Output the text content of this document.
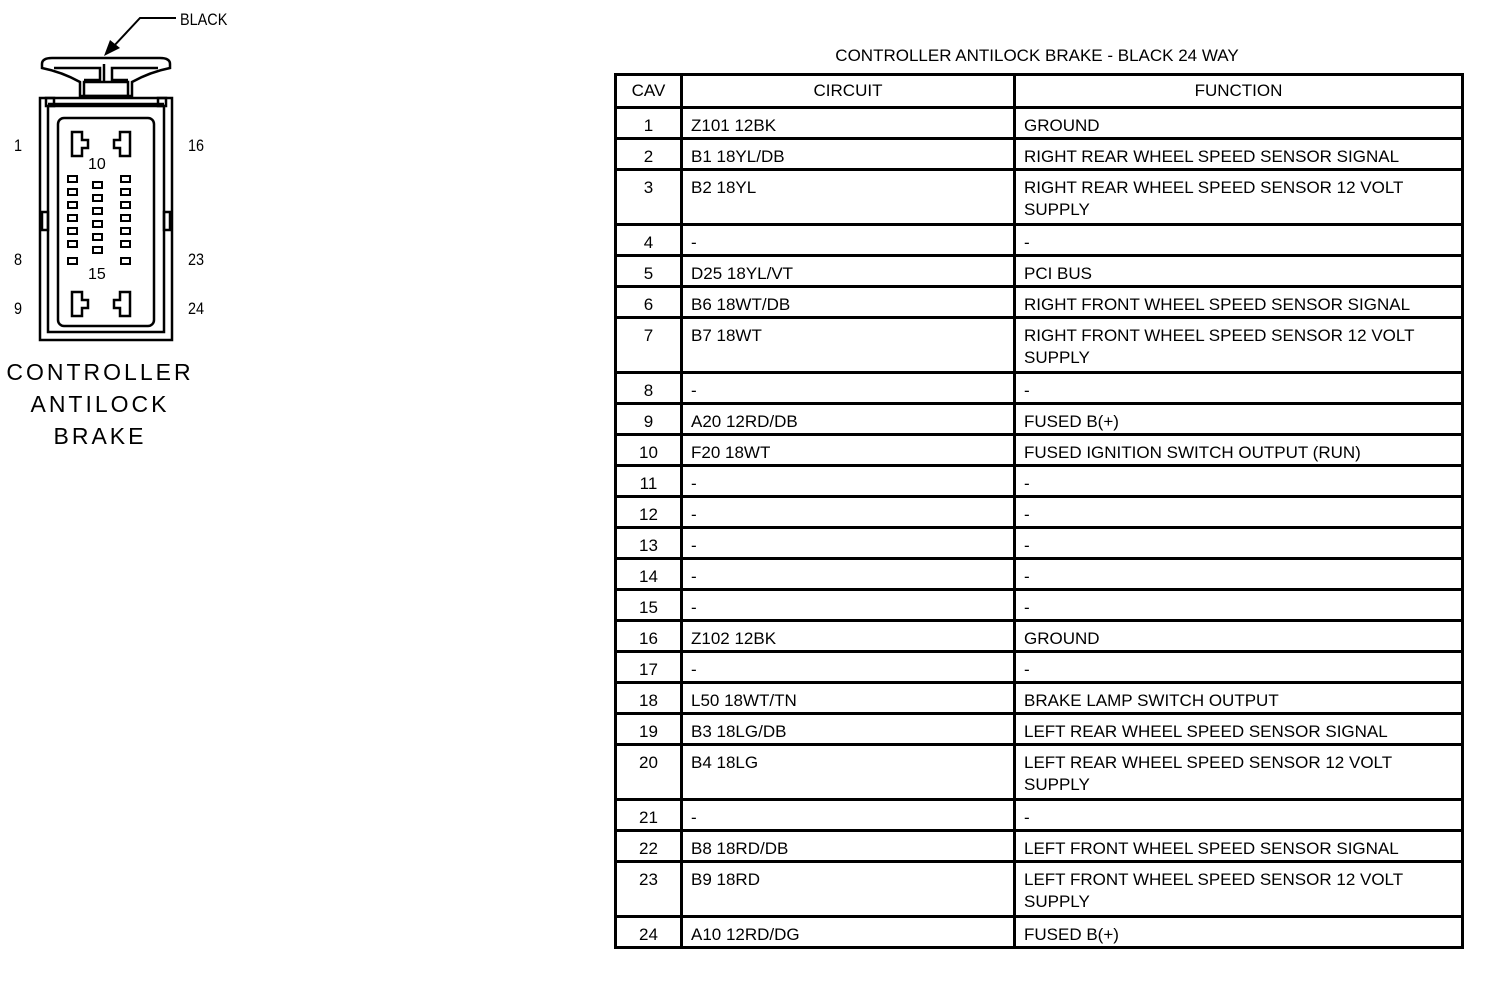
BLACK
1	16
8	23
9	24
10
15
CONTROLLER
ANTILOCK
BRAKE
CONTROLLER ANTILOCK BRAKE - BLACK 24 WAY
CAV	CIRCUIT	FUNCTION
1	Z101 12BK	GROUND
2	B1 18YL/DB	RIGHT REAR WHEEL SPEED SENSOR SIGNAL
3	B2 18YL	RIGHT REAR WHEEL SPEED SENSOR 12 VOLT SUPPLY
4	-	-
5	D25 18YL/VT	PCI BUS
6	B6 18WT/DB	RIGHT FRONT WHEEL SPEED SENSOR SIGNAL
7	B7 18WT	RIGHT FRONT WHEEL SPEED SENSOR 12 VOLT SUPPLY
8	-	-
9	A20 12RD/DB	FUSED B(+)
10	F20 18WT	FUSED IGNITION SWITCH OUTPUT (RUN)
11	-	-
12	-	-
13	-	-
14	-	-
15	-	-
16	Z102 12BK	GROUND
17	-	-
18	L50 18WT/TN	BRAKE LAMP SWITCH OUTPUT
19	B3 18LG/DB	LEFT REAR WHEEL SPEED SENSOR SIGNAL
20	B4 18LG	LEFT REAR WHEEL SPEED SENSOR 12 VOLT SUPPLY
21	-	-
22	B8 18RD/DB	LEFT FRONT WHEEL SPEED SENSOR SIGNAL
23	B9 18RD	LEFT FRONT WHEEL SPEED SENSOR 12 VOLT SUPPLY
24	A10 12RD/DG	FUSED B(+)
